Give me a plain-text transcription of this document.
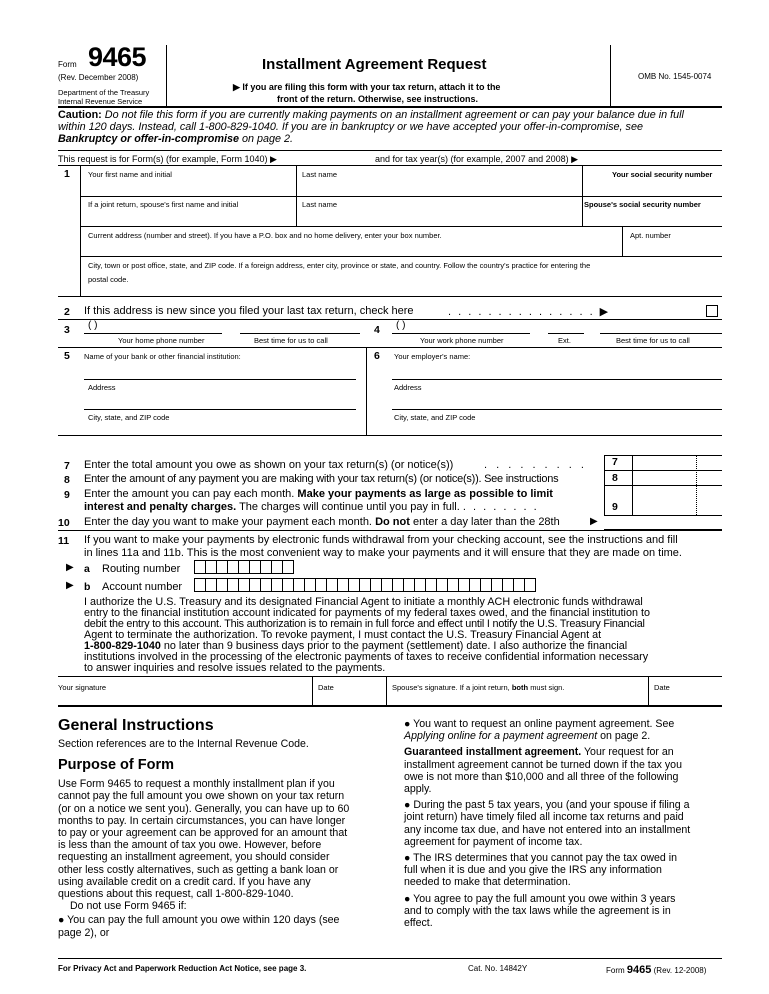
Form 9465
(Rev. December 2008)
Department of the Treasury
Internal Revenue Service
Installment Agreement Request
▶ If you are filing this form with your tax return, attach it to the
front of the return. Otherwise, see instructions.
OMB No. 1545-0074
Caution: Do not file this form if you are currently making payments on an installment agreement or can pay your balance due in full
within 120 days. Instead, call 1-800-829-1040. If you are in bankruptcy or we have accepted your offer-in-compromise, see
Bankruptcy or offer-in-compromise on page 2.
This request is for Form(s) (for example, Form 1040) ▶	and for tax year(s) (for example, 2007 and 2008) ▶
1 Your first name and initial	Last name	Your social security number
If a joint return, spouse's first name and initial	Last name	Spouse's social security number
Current address (number and street). If you have a P.O. box and no home delivery, enter your box number.	Apt. number
City, town or post office, state, and ZIP code. If a foreign address, enter city, province or state, and country. Follow the country's practice for entering the
postal code.
2 If this address is new since you filed your last tax return, check here	. . . . . . . . . . . . . . . ▶
3 ( )
Your home phone number	Best time for us to call
4 ( )
Your work phone number	Ext.	Best time for us to call
5 Name of your bank or other financial institution:
Address
City, state, and ZIP code
6 Your employer's name:
Address
City, state, and ZIP code
7 Enter the total amount you owe as shown on your tax return(s) (or notice(s))	. . . . . . . . . 7
8 Enter the amount of any payment you are making with your tax return(s) (or notice(s)). See instructions	8
9 Enter the amount you can pay each month. Make your payments as large as possible to limit
interest and penalty charges. The charges will continue until you pay in full. . . . . . . . .	9
10 Enter the day you want to make your payment each month. Do not enter a day later than the 28th	▶
11 If you want to make your payments by electronic funds withdrawal from your checking account, see the instructions and fill
in lines 11a and 11b. This is the most convenient way to make your payments and it will ensure that they are made on time.
▶ a Routing number
▶ b Account number
I authorize the U.S. Treasury and its designated Financial Agent to initiate a monthly ACH electronic funds withdrawal
entry to the financial institution account indicated for payments of my federal taxes owed, and the financial institution to
debit the entry to this account. This authorization is to remain in full force and effect until I notify the U.S. Treasury Financial
Agent to terminate the authorization. To revoke payment, I must contact the U.S. Treasury Financial Agent at
1-800-829-1040 no later than 9 business days prior to the payment (settlement) date. I also authorize the financial
institutions involved in the processing of the electronic payments of taxes to receive confidential information necessary
to answer inquiries and resolve issues related to the payments.
Your signature	Date	Spouse's signature. If a joint return, both must sign.	Date
General Instructions

Section references are to the Internal Revenue Code.

Purpose of Form
Use Form 9465 to request a monthly installment plan if you
cannot pay the full amount you owe shown on your tax return
(or on a notice we sent you). Generally, you can have up to 60
months to pay. In certain circumstances, you can have longer
to pay or your agreement can be approved for an amount that
is less than the amount of tax you owe. However, before
requesting an installment agreement, you should consider
other less costly alternatives, such as getting a bank loan or
using available credit on a credit card. If you have any
questions about this request, call 1-800-829-1040.
Do not use Form 9465 if:
● You can pay the full amount you owe within 120 days (see
page 2), or
● You want to request an online payment agreement. See
Applying online for a payment agreement on page 2.
Guaranteed installment agreement. Your request for an
installment agreement cannot be turned down if the tax you
owe is not more than $10,000 and all three of the following
apply.
● During the past 5 tax years, you (and your spouse if filing a
joint return) have timely filed all income tax returns and paid
any income tax due, and have not entered into an installment
agreement for payment of income tax.
● The IRS determines that you cannot pay the tax owed in
full when it is due and you give the IRS any information
needed to make that determination.
● You agree to pay the full amount you owe within 3 years
and to comply with the tax laws while the agreement is in
effect.
For Privacy Act and Paperwork Reduction Act Notice, see page 3.	Cat. No. 14842Y	Form 9465 (Rev. 12-2008)
